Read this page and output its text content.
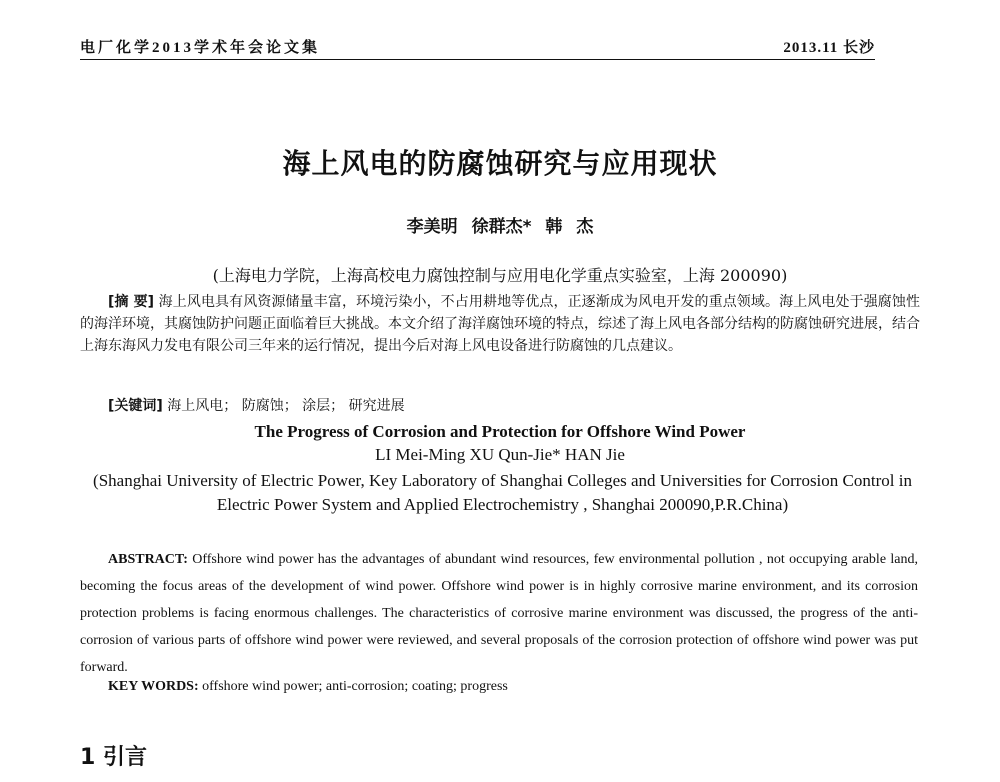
电厂化学2013学术年会论文集	2013.11 长沙
海上风电的防腐蚀研究与应用现状
李美明 徐群杰* 韩 杰
(上海电力学院，上海高校电力腐蚀控制与应用电化学重点实验室，上海 200090)

[摘 要] 海上风电具有风资源储量丰富，环境污染小，不占用耕地等优点，正逐渐成为风电开发的重点领域。海上风电处于强腐蚀性的海洋环境，其腐蚀防护问题正面临着巨大挑战。本文介绍了海洋腐蚀环境的特点，综述了海上风电各部分结构的防腐蚀研究进展，结合上海东海风力发电有限公司三年来的运行情况，提出今后对海上风电设备进行防腐蚀的几点建议。

[关键词] 海上风电； 防腐蚀； 涂层； 研究进展
The Progress of Corrosion and Protection for Offshore Wind Power
LI Mei-Ming XU Qun-Jie* HAN Jie
(Shanghai University of Electric Power, Key Laboratory of Shanghai Colleges and Universities for Corrosion Control in Electric Power System and Applied Electrochemistry , Shanghai 200090,P.R.China)

ABSTRACT: Offshore wind power has the advantages of abundant wind resources, few environmental pollution , not occupying arable land, becoming the focus areas of the development of wind power. Offshore wind power is in highly corrosive marine environment, and its corrosion protection problems is facing enormous challenges. The characteristics of corrosive marine environment was discussed, the progress of the anti-corrosion of various parts of offshore wind power were reviewed, and several proposals of the corrosion protection of offshore wind power was put forward.

KEY WORDS: offshore wind power; anti-corrosion; coating; progress
1 引言
